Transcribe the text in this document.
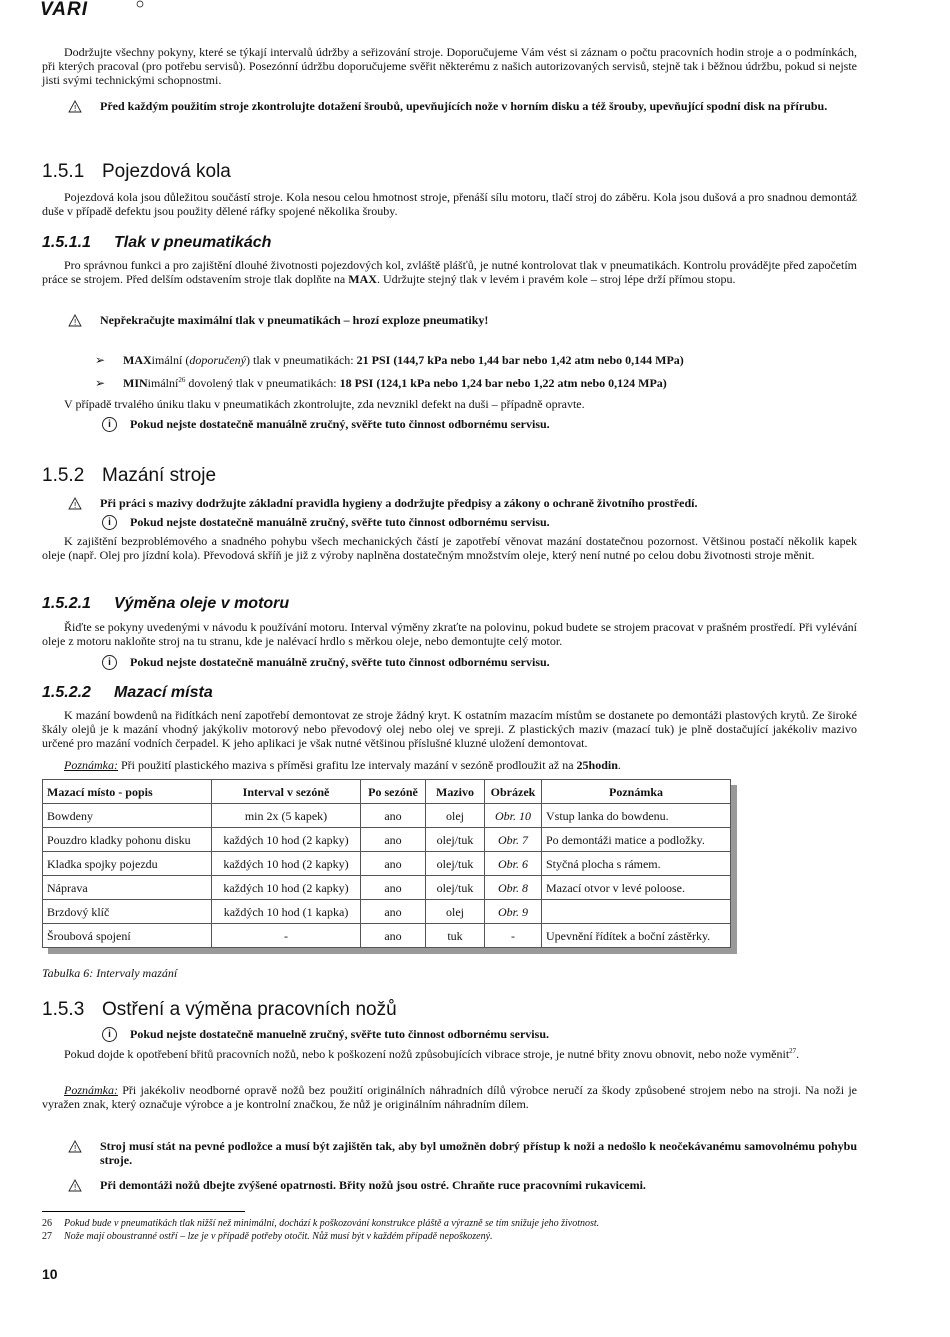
VARI
Dodržujte všechny pokyny, které se týkají intervalů údržby a seřizování stroje. Doporučujeme Vám vést si záznam o počtu pracovních hodin stroje a o podmínkách, při kterých pracoval (pro potřebu servisů). Posezónní údržbu doporučujeme svěřit některému z našich autorizovaných servisů, stejně tak i běžnou údržbu, pokud si nejste jisti svými technickými schopnostmi.
! Před každým použitím stroje zkontrolujte dotažení šroubů, upevňujících nože v horním disku a též šrouby, upevňující spodní disk na přírubu.
1.5.1 Pojezdová kola
Pojezdová kola jsou důležitou součástí stroje. Kola nesou celou hmotnost stroje, přenáší sílu motoru, tlačí stroj do záběru. Kola jsou dušová a pro snadnou demontáž duše v případě defektu jsou použity dělené ráfky spojené několika šrouby.
1.5.1.1 Tlak v pneumatikách
Pro správnou funkci a pro zajištění dlouhé životnosti pojezdových kol, zvláště plášťů, je nutné kontrolovat tlak v pneumatikách. Kontrolu provádějte před započetím práce se strojem. Před delším odstavením stroje tlak doplňte na MAX. Udržujte stejný tlak v levém i pravém kole – stroj lépe drží přímou stopu.
! Nepřekračujte maximální tlak v pneumatikách – hrozí exploze pneumatiky!
➢ MAXimální (doporučený) tlak v pneumatikách: 21 PSI (144,7 kPa nebo 1,44 bar nebo 1,42 atm nebo 0,144 MPa)
➢ MINimální$^{26}$ dovolený tlak v pneumatikách: 18 PSI (124,1 kPa nebo 1,24 bar nebo 1,22 atm nebo 0,124 MPa)
V případě trvalého úniku tlaku v pneumatikách zkontrolujte, zda nevznikl defekt na duši – případně opravte.
i	Pokud nejste dostatečně manuálně zručný, svěřte tuto činnost odbornému servisu.
1.5.2 Mazání stroje
! Při práci s mazivy dodržujte základní pravidla hygieny a dodržujte předpisy a zákony o ochraně životního prostředí.
i	Pokud nejste dostatečně manuálně zručný, svěřte tuto činnost odbornému servisu.
K zajištění bezproblémového a snadného pohybu všech mechanických částí je zapotřebí věnovat mazání dostatečnou pozornost. Většinou postačí několik kapek oleje (např. Olej pro jízdní kola). Převodová skříň je již z výroby naplněna dostatečným množstvím oleje, který není nutné po celou dobu životnosti stroje měnit.
1.5.2.1 Výměna oleje v motoru
Řiďte se pokyny uvedenými v návodu k používání motoru. Interval výměny zkraťte na polovinu, pokud budete se strojem pracovat v prašném prostředí. Při vylévání oleje z motoru nakloňte stroj na tu stranu, kde je nalévací hrdlo s měrkou oleje, nebo demontujte celý motor.
i	Pokud nejste dostatečně manuálně zručný, svěřte tuto činnost odbornému servisu.
1.5.2.2 Mazací místa
K mazání bowdenů na řidítkách není zapotřebí demontovat ze stroje žádný kryt. K ostatním mazacím místům se dostanete po demontáži plastových krytů. Ze široké škály olejů je k mazání vhodný jakýkoliv motorový nebo převodový olej nebo olej ve spreji. Z plastických maziv (mazací tuk) je plně dostačující jakékoliv mazivo určené pro mazání vodních čerpadel. K jeho aplikaci je však nutné většinou příslušné kluzné uložení demontovat.
Poznámka: Při použití plastického maziva s příměsi grafitu lze intervaly mazání v sezóně prodloužit až na 25hodin.
Mazací místo - popis	Interval v sezóně	Po sezóně	Mazivo	Obrázek	Poznámka
Bowdeny	min 2x (5 kapek)	ano	olej	Obr. 10	Vstup lanka do bowdenu.
Pouzdro kladky pohonu disku	každých 10 hod (2 kapky)	ano	olej/tuk	Obr. 7	Po demontáži matice a podložky.
Kladka spojky pojezdu	každých 10 hod (2 kapky)	ano	olej/tuk	Obr. 6	Styčná plocha s rámem.
Náprava	každých 10 hod (2 kapky)	ano	olej/tuk	Obr. 8	Mazací otvor v levé poloose.
Brzdový klíč	každých 10 hod (1 kapka)	ano	olej	Obr. 9	
Šroubová spojení	-	ano	tuk	-	Upevnění řídítek a boční zástěrky.
Tabulka 6: Intervaly mazání
1.5.3 Ostření a výměna pracovních nožů
i	Pokud nejste dostatečně manuelně zručný, svěřte tuto činnost odbornému servisu.
Pokud dojde k opotřebení břitů pracovních nožů, nebo k poškození nožů způsobujících vibrace stroje, je nutné břity znovu obnovit, nebo nože vyměnit$^{27}$.
Poznámka: Při jakékoliv neodborné opravě nožů bez použití originálních náhradních dílů výrobce neručí za škody způsobené strojem nebo na stroji. Na noži je vyražen znak, který označuje výrobce a je kontrolní značkou, že nůž je originálním náhradním dílem.
! Stroj musí stát na pevné podložce a musí být zajištěn tak, aby byl umožněn dobrý přístup k noži a nedošlo k neočekávanému samovolnému pohybu stroje.
! Při demontáži nožů dbejte zvýšené opatrnosti. Břity nožů jsou ostré. Chraňte ruce pracovními rukavicemi.
26 Pokud bude v pneumatikách tlak nižší než minimální, dochází k poškozování konstrukce pláště a výrazně se tím snižuje jeho životnost.
27 Nože mají oboustranné ostří – lze je v případě potřeby otočit. Nůž musí být v každém případě nepoškozený.
10
